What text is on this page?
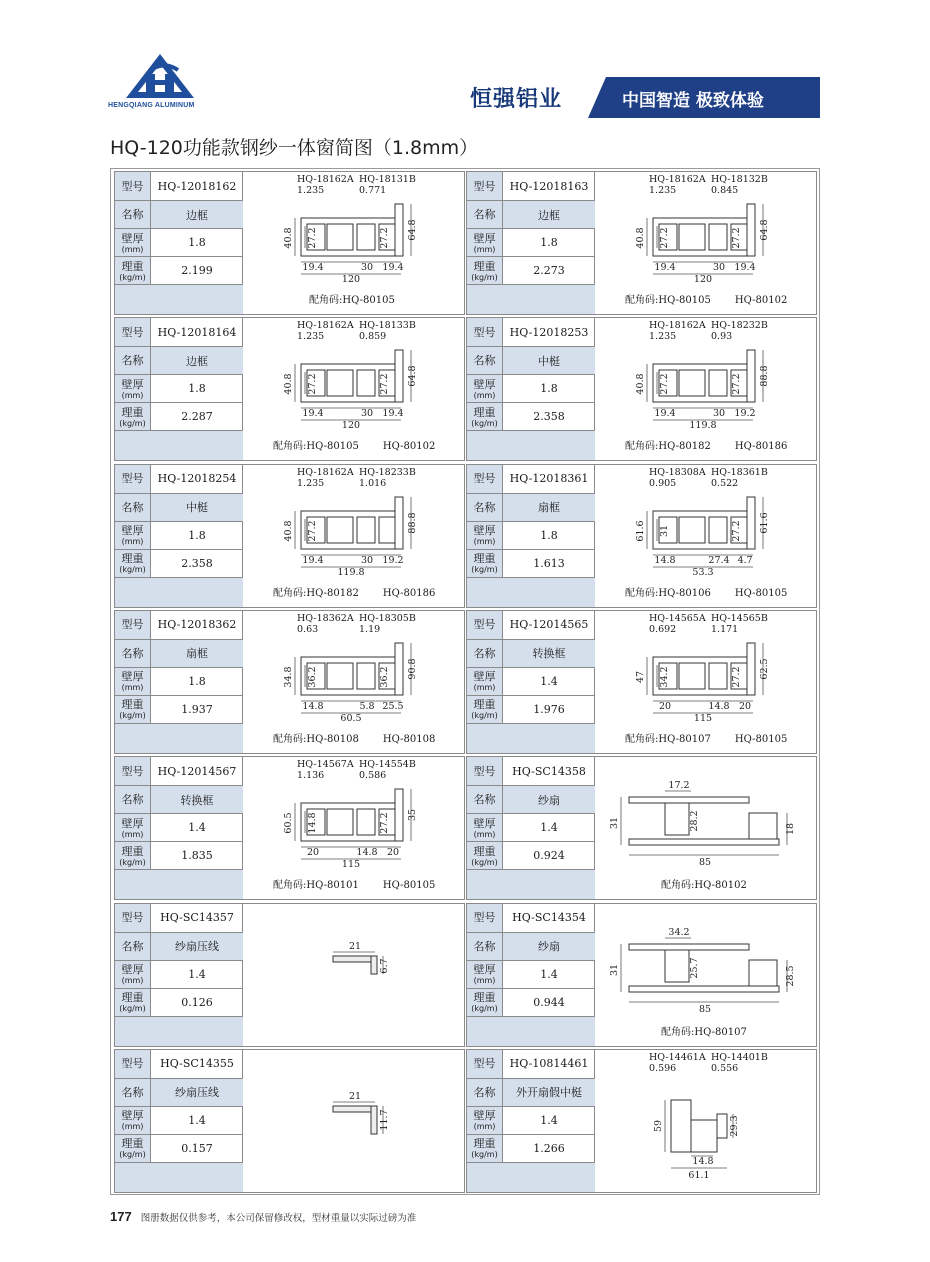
HENGQIANG ALUMINUM	恒强铝业	中国智造 极致体验
HQ-120功能款钢纱一体窗简图（1.8mm）
型号	HQ-12018162
名称	边框
壁厚
(mm)	1.8
理重
(kg/m)	2.199
40.8 27.2	27.2 64.8
19.4	30 19.4
120
HQ-18162A HQ-18131B
1.235	0.771
配角码:HQ-80105
型号	HQ-12018163
名称	边框
壁厚
(mm)	1.8
理重
(kg/m)	2.273
40.8 27.2	27.2 64.8
19.4	30 19.4
120
HQ-18162A HQ-18132B
1.235	0.845
配角码:HQ-80105 HQ-80102
型号	HQ-12018164
名称	边框
壁厚
(mm)	1.8
理重
(kg/m)	2.287
40.8 27.2	27.2 64.8
19.4	30 19.4
120
HQ-18162A HQ-18133B
1.235	0.859
配角码:HQ-80105 HQ-80102
型号	HQ-12018253
名称	中梃
壁厚
(mm)	1.8
理重
(kg/m)	2.358
40.8 27.2	27.2 88.8
19.4	30 19.2
119.8
HQ-18162A HQ-18232B
1.235	0.93
配角码:HQ-80182 HQ-80186
型号	HQ-12018254
名称	中梃
壁厚
(mm)	1.8
理重
(kg/m)	2.358
40.8 27.2	88.8
19.4	30 19.2
119.8
HQ-18162A HQ-18233B
1.235	1.016
配角码:HQ-80182 HQ-80186
型号	HQ-12018361
名称	扇框
壁厚
(mm)	1.8
理重
(kg/m)	1.613
61.6 31	27.2 61.6
14.8	27.4 4.7
53.3
HQ-18308A HQ-18361B
0.905	0.522
配角码:HQ-80106 HQ-80105
型号	HQ-12018362
名称	扇框
壁厚
(mm)	1.8
理重
(kg/m)	1.937
34.8 36.2	36.2 90.8
14.8	5.8 25.5
60.5
HQ-18362A HQ-18305B
0.63	1.19
配角码:HQ-80108 HQ-80108
型号	HQ-12014565
名称	转换框
壁厚
(mm)	1.4
理重
(kg/m)	1.976
47 34.2	27.2 62.5
20	14.8 20
115
HQ-14565A HQ-14565B
0.692	1.171
配角码:HQ-80107 HQ-80105
型号	HQ-12014567
名称	转换框
壁厚
(mm)	1.4
理重
(kg/m)	1.835
60.5 14.8	27.2 35
20	14.8 20
115
HQ-14567A HQ-14554B
1.136	0.586
配角码:HQ-80101 HQ-80105
型号	HQ-SC14358
名称	纱扇
壁厚
(mm)	1.4
理重
(kg/m)	0.924
31
17.2
28.2	18
85
配角码:HQ-80102
型号	HQ-SC14357
名称	纱扇压线
壁厚
(mm)	1.4
理重
(kg/m)	0.126
21
6.7
型号	HQ-SC14354
名称	纱扇
壁厚
(mm)	1.4
理重
(kg/m)	0.944
31
34.2
25.7	28.5
85
配角码:HQ-80107
型号	HQ-SC14355
名称	纱扇压线
壁厚
(mm)	1.4
理重
(kg/m)	0.157
21
11.7
型号	HQ-10814461
名称	外开扇假中梃
壁厚
(mm)	1.4
理重
(kg/m)	1.266
59	29.3
14.8
61.1
HQ-14461A HQ-14401B
0.596	0.556
177 图册数据仅供参考，本公司保留修改权，型材重量以实际过磅为准
